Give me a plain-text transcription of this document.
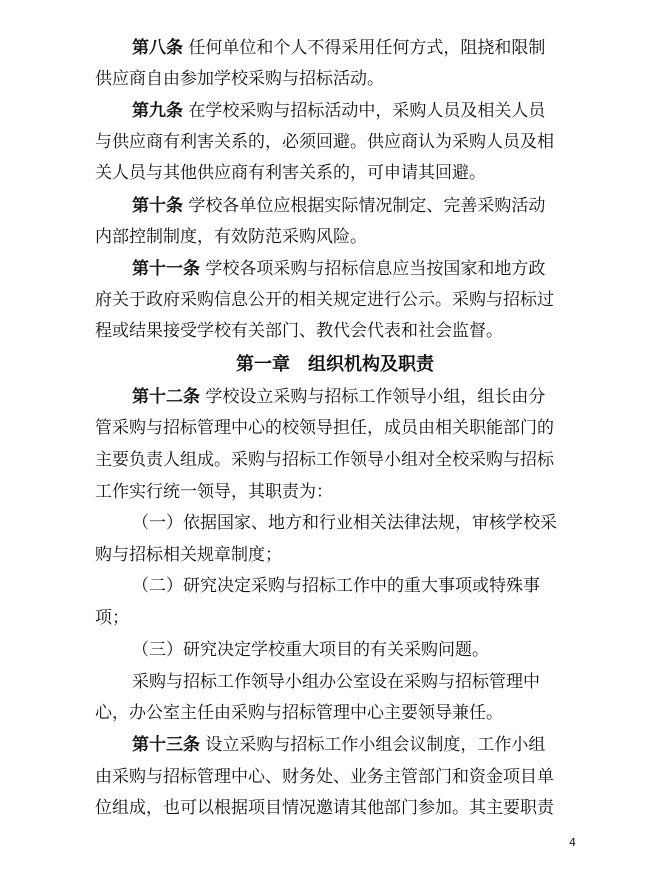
第八条 任何单位和个人不得采用任何方式，阻挠和限制
供应商自由参加学校采购与招标活动。
第九条 在学校采购与招标活动中，采购人员及相关人员
与供应商有利害关系的，必须回避。供应商认为采购人员及相
关人员与其他供应商有利害关系的，可申请其回避。
第十条 学校各单位应根据实际情况制定、完善采购活动
内部控制制度，有效防范采购风险。
第十一条 学校各项采购与招标信息应当按国家和地方政
府关于政府采购信息公开的相关规定进行公示。采购与招标过
程或结果接受学校有关部门、教代会代表和社会监督。
第一章　组织机构及职责
第十二条 学校设立采购与招标工作领导小组，组长由分
管采购与招标管理中心的校领导担任，成员由相关职能部门的
主要负责人组成。采购与招标工作领导小组对全校采购与招标
工作实行统一领导，其职责为：
（一）依据国家、地方和行业相关法律法规，审核学校采
购与招标相关规章制度；
（二）研究决定采购与招标工作中的重大事项或特殊事
项；
（三）研究决定学校重大项目的有关采购问题。
采购与招标工作领导小组办公室设在采购与招标管理中
心，办公室主任由采购与招标管理中心主要领导兼任。
第十三条 设立采购与招标工作小组会议制度，工作小组
由采购与招标管理中心、财务处、业务主管部门和资金项目单
位组成，也可以根据项目情况邀请其他部门参加。其主要职责
4
